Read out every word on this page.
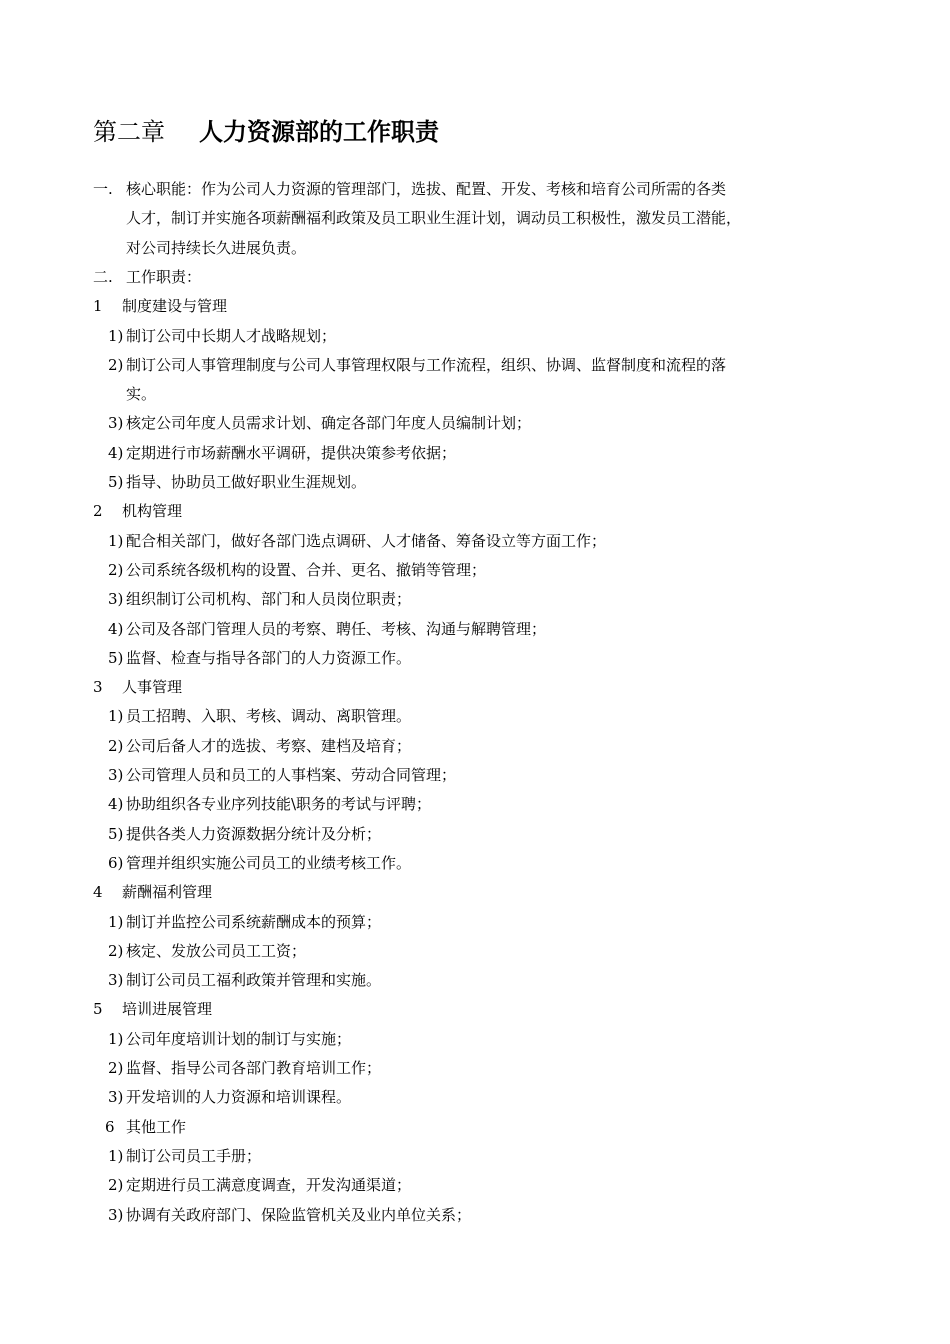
第二章 人力资源部的工作职责
一. 核心职能：作为公司人力资源的管理部门，选拔、配置、开发、考核和培育公司所需的各类
人才，制订并实施各项薪酬福利政策及员工职业生涯计划，调动员工积极性，激发员工潜能，
对公司持续长久进展负责。
二. 工作职责：
1 制度建设与管理
1) 制订公司中长期人才战略规划；
2) 制订公司人事管理制度与公司人事管理权限与工作流程，组织、协调、监督制度和流程的落
实。
3) 核定公司年度人员需求计划、确定各部门年度人员编制计划；
4) 定期进行市场薪酬水平调研，提供决策参考依据；
5) 指导、协助员工做好职业生涯规划。
2 机构管理
1) 配合相关部门，做好各部门选点调研、人才储备、筹备设立等方面工作；
2) 公司系统各级机构的设置、合并、更名、撤销等管理；
3) 组织制订公司机构、部门和人员岗位职责；
4) 公司及各部门管理人员的考察、聘任、考核、沟通与解聘管理；
5) 监督、检查与指导各部门的人力资源工作。
3 人事管理
1) 员工招聘、入职、考核、调动、离职管理。
2) 公司后备人才的选拔、考察、建档及培育；
3) 公司管理人员和员工的人事档案、劳动合同管理；
4) 协助组织各专业序列技能\职务的考试与评聘；
5) 提供各类人力资源数据分统计及分析；
6) 管理并组织实施公司员工的业绩考核工作。
4 薪酬福利管理
1) 制订并监控公司系统薪酬成本的预算；
2) 核定、发放公司员工工资；
3) 制订公司员工福利政策并管理和实施。
5 培训进展管理
1) 公司年度培训计划的制订与实施；
2) 监督、指导公司各部门教育培训工作；
3) 开发培训的人力资源和培训课程。
6 其他工作
1) 制订公司员工手册；
2) 定期进行员工满意度调查，开发沟通渠道；
3) 协调有关政府部门、保险监管机关及业内单位关系；
